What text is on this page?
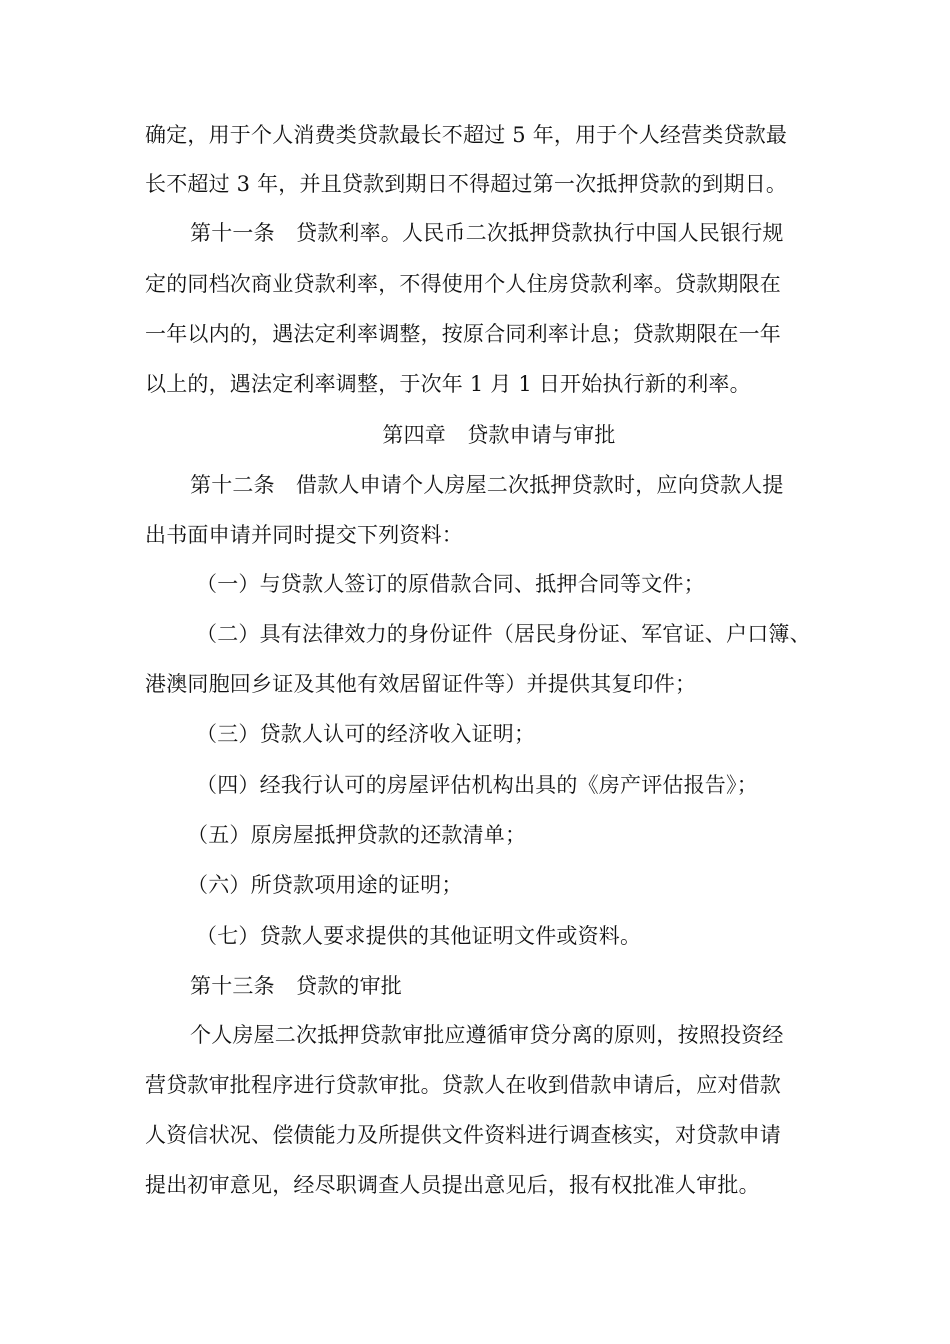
确定，用于个人消费类贷款最长不超过 5 年，用于个人经营类贷款最
长不超过 3 年，并且贷款到期日不得超过第一次抵押贷款的到期日。
第十一条　贷款利率。人民币二次抵押贷款执行中国人民银行规
定的同档次商业贷款利率，不得使用个人住房贷款利率。贷款期限在
一年以内的，遇法定利率调整，按原合同利率计息；贷款期限在一年
以上的，遇法定利率调整，于次年 1 月 1 日开始执行新的利率。
第四章　贷款申请与审批
第十二条　借款人申请个人房屋二次抵押贷款时，应向贷款人提
出书面申请并同时提交下列资料：
（一）与贷款人签订的原借款合同、抵押合同等文件；
（二）具有法律效力的身份证件（居民身份证、军官证、户口簿、
港澳同胞回乡证及其他有效居留证件等）并提供其复印件；
（三）贷款人认可的经济收入证明；
（四）经我行认可的房屋评估机构出具的《房产评估报告》；
（五）原房屋抵押贷款的还款清单；
（六）所贷款项用途的证明；
（七）贷款人要求提供的其他证明文件或资料。
第十三条　贷款的审批
个人房屋二次抵押贷款审批应遵循审贷分离的原则，按照投资经
营贷款审批程序进行贷款审批。贷款人在收到借款申请后，应对借款
人资信状况、偿债能力及所提供文件资料进行调查核实，对贷款申请
提出初审意见，经尽职调查人员提出意见后，报有权批准人审批。
